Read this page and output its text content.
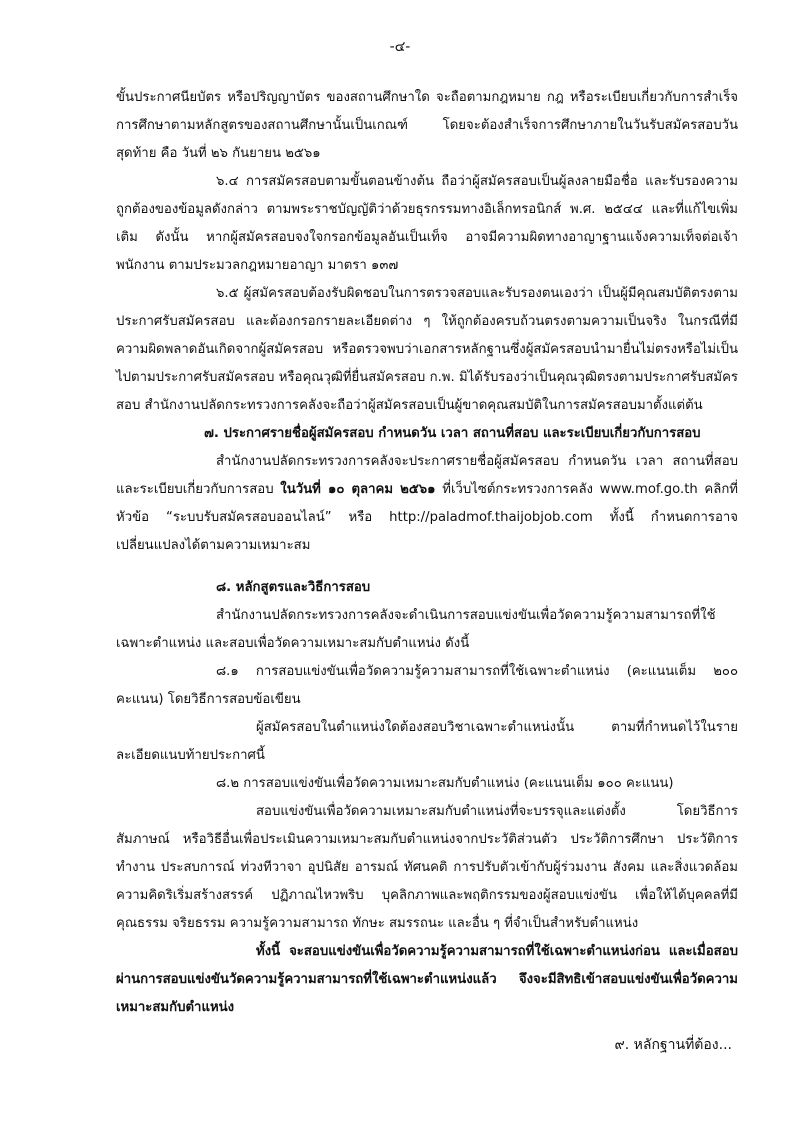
-๔-

ขั้นประกาศนียบัตร หรือปริญญาบัตร ของสถานศึกษาใด จะถือตามกฎหมาย กฎ หรือระเบียบเกี่ยวกับการสำเร็จการศึกษาตามหลักสูตรของสถานศึกษานั้นเป็นเกณฑ์ โดยจะต้องสำเร็จการศึกษาภายในวันรับสมัครสอบวันสุดท้าย คือ วันที่ ๒๖ กันยายน ๒๕๖๑

๖.๔ การสมัครสอบตามขั้นตอนข้างต้น ถือว่าผู้สมัครสอบเป็นผู้ลงลายมือชื่อ และรับรองความถูกต้องของข้อมูลดังกล่าว ตามพระราชบัญญัติว่าด้วยธุรกรรมทางอิเล็กทรอนิกส์ พ.ศ. ๒๕๔๔ และที่แก้ไขเพิ่มเติม ดังนั้น หากผู้สมัครสอบจงใจกรอกข้อมูลอันเป็นเท็จ อาจมีความผิดทางอาญาฐานแจ้งความเท็จต่อเจ้าพนักงาน ตามประมวลกฎหมายอาญา มาตรา ๑๓๗

๖.๕ ผู้สมัครสอบต้องรับผิดชอบในการตรวจสอบและรับรองตนเองว่า เป็นผู้มีคุณสมบัติตรงตามประกาศรับสมัครสอบ และต้องกรอกรายละเอียดต่าง ๆ ให้ถูกต้องครบถ้วนตรงตามความเป็นจริง ในกรณีที่มีความผิดพลาดอันเกิดจากผู้สมัครสอบ หรือตรวจพบว่าเอกสารหลักฐานซึ่งผู้สมัครสอบนำมายื่นไม่ตรงหรือไม่เป็นไปตามประกาศรับสมัครสอบ หรือคุณวุฒิที่ยื่นสมัครสอบ ก.พ. มิได้รับรองว่าเป็นคุณวุฒิตรงตามประกาศรับสมัครสอบ สำนักงานปลัดกระทรวงการคลังจะถือว่าผู้สมัครสอบเป็นผู้ขาดคุณสมบัติในการสมัครสอบมาตั้งแต่ต้น

๗. ประกาศรายชื่อผู้สมัครสอบ กำหนดวัน เวลา สถานที่สอบ และระเบียบเกี่ยวกับการสอบ

สำนักงานปลัดกระทรวงการคลังจะประกาศรายชื่อผู้สมัครสอบ กำหนดวัน เวลา สถานที่สอบและระเบียบเกี่ยวกับการสอบ ในวันที่ ๑๐ ตุลาคม ๒๕๖๑ ที่เว็บไซต์กระทรวงการคลัง www.mof.go.th คลิกที่หัวข้อ “ระบบรับสมัครสอบออนไลน์” หรือ http://paladmof.thaijobjob.com ทั้งนี้ กำหนดการอาจเปลี่ยนแปลงได้ตามความเหมาะสม

๘. หลักสูตรและวิธีการสอบ

สำนักงานปลัดกระทรวงการคลังจะดำเนินการสอบแข่งขันเพื่อวัดความรู้ความสามารถที่ใช้เฉพาะตำแหน่ง และสอบเพื่อวัดความเหมาะสมกับตำแหน่ง ดังนี้

๘.๑ การสอบแข่งขันเพื่อวัดความรู้ความสามารถที่ใช้เฉพาะตำแหน่ง (คะแนนเต็ม ๒๐๐ คะแนน) โดยวิธีการสอบข้อเขียน

ผู้สมัครสอบในตำแหน่งใดต้องสอบวิชาเฉพาะตำแหน่งนั้น ตามที่กำหนดไว้ในรายละเอียดแนบท้ายประกาศนี้

๘.๒ การสอบแข่งขันเพื่อวัดความเหมาะสมกับตำแหน่ง (คะแนนเต็ม ๑๐๐ คะแนน)

สอบแข่งขันเพื่อวัดความเหมาะสมกับตำแหน่งที่จะบรรจุและแต่งตั้ง โดยวิธีการสัมภาษณ์ หรือวิธีอื่นเพื่อประเมินความเหมาะสมกับตำแหน่งจากประวัติส่วนตัว ประวัติการศึกษา ประวัติการทำงาน ประสบการณ์ ท่วงทีวาจา อุปนิสัย อารมณ์ ทัศนคติ การปรับตัวเข้ากับผู้ร่วมงาน สังคม และสิ่งแวดล้อม ความคิดริเริ่มสร้างสรรค์ ปฏิภาณไหวพริบ บุคลิกภาพและพฤติกรรมของผู้สอบแข่งขัน เพื่อให้ได้บุคคลที่มีคุณธรรม จริยธรรม ความรู้ความสามารถ ทักษะ สมรรถนะ และอื่น ๆ ที่จำเป็นสำหรับตำแหน่ง

ทั้งนี้ จะสอบแข่งขันเพื่อวัดความรู้ความสามารถที่ใช้เฉพาะตำแหน่งก่อน และเมื่อสอบผ่านการสอบแข่งขันวัดความรู้ความสามารถที่ใช้เฉพาะตำแหน่งแล้ว จึงจะมีสิทธิเข้าสอบแข่งขันเพื่อวัดความเหมาะสมกับตำแหน่ง

๙. หลักฐานที่ต้อง...
